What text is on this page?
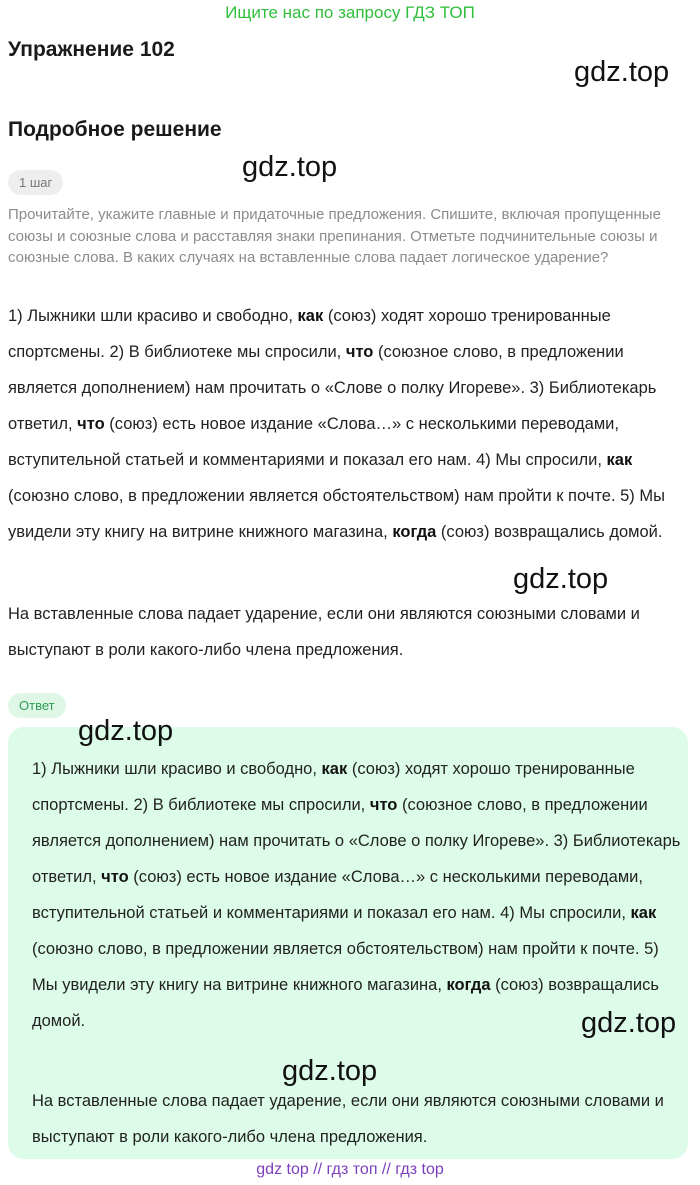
Ищите нас по запросу ГДЗ ТОП
Упражнение 102
gdz.top
Подробное решение
gdz.top
1 шаг
Прочитайте, укажите главные и придаточные предложения. Спишите, включая пропущенные союзы и союзные слова и расставляя знаки препинания. Отметьте подчинительные союзы и союзные слова. В каких случаях на вставленные слова падает логическое ударение?
1) Лыжники шли красиво и свободно, как (союз) ходят хорошо тренированные спортсмены. 2) В библиотеке мы спросили, что (союзное слово, в предложении является дополнением) нам прочитать о «Слове о полку Игореве». 3) Библиотекарь ответил, что (союз) есть новое издание «Слова…» с несколькими переводами, вступительной статьей и комментариями и показал его нам. 4) Мы спросили, как (союзно слово, в предложении является обстоятельством) нам пройти к почте. 5) Мы увидели эту книгу на витрине книжного магазина, когда (союз) возвращались домой.
gdz.top
На вставленные слова падает ударение, если они являются союзными словами и выступают в роли какого-либо члена предложения.
Ответ
gdz.top
1) Лыжники шли красиво и свободно, как (союз) ходят хорошо тренированные спортсмены. 2) В библиотеке мы спросили, что (союзное слово, в предложении является дополнением) нам прочитать о «Слове о полку Игореве». 3) Библиотекарь ответил, что (союз) есть новое издание «Слова…» с несколькими переводами, вступительной статьей и комментариями и показал его нам. 4) Мы спросили, как (союзно слово, в предложении является обстоятельством) нам пройти к почте. 5) Мы увидели эту книгу на витрине книжного магазина, когда (союз) возвращались домой.	gdz.top
gdz.top
На вставленные слова падает ударение, если они являются союзными словами и выступают в роли какого-либо члена предложения.
gdz top // гдз топ // гдз top
